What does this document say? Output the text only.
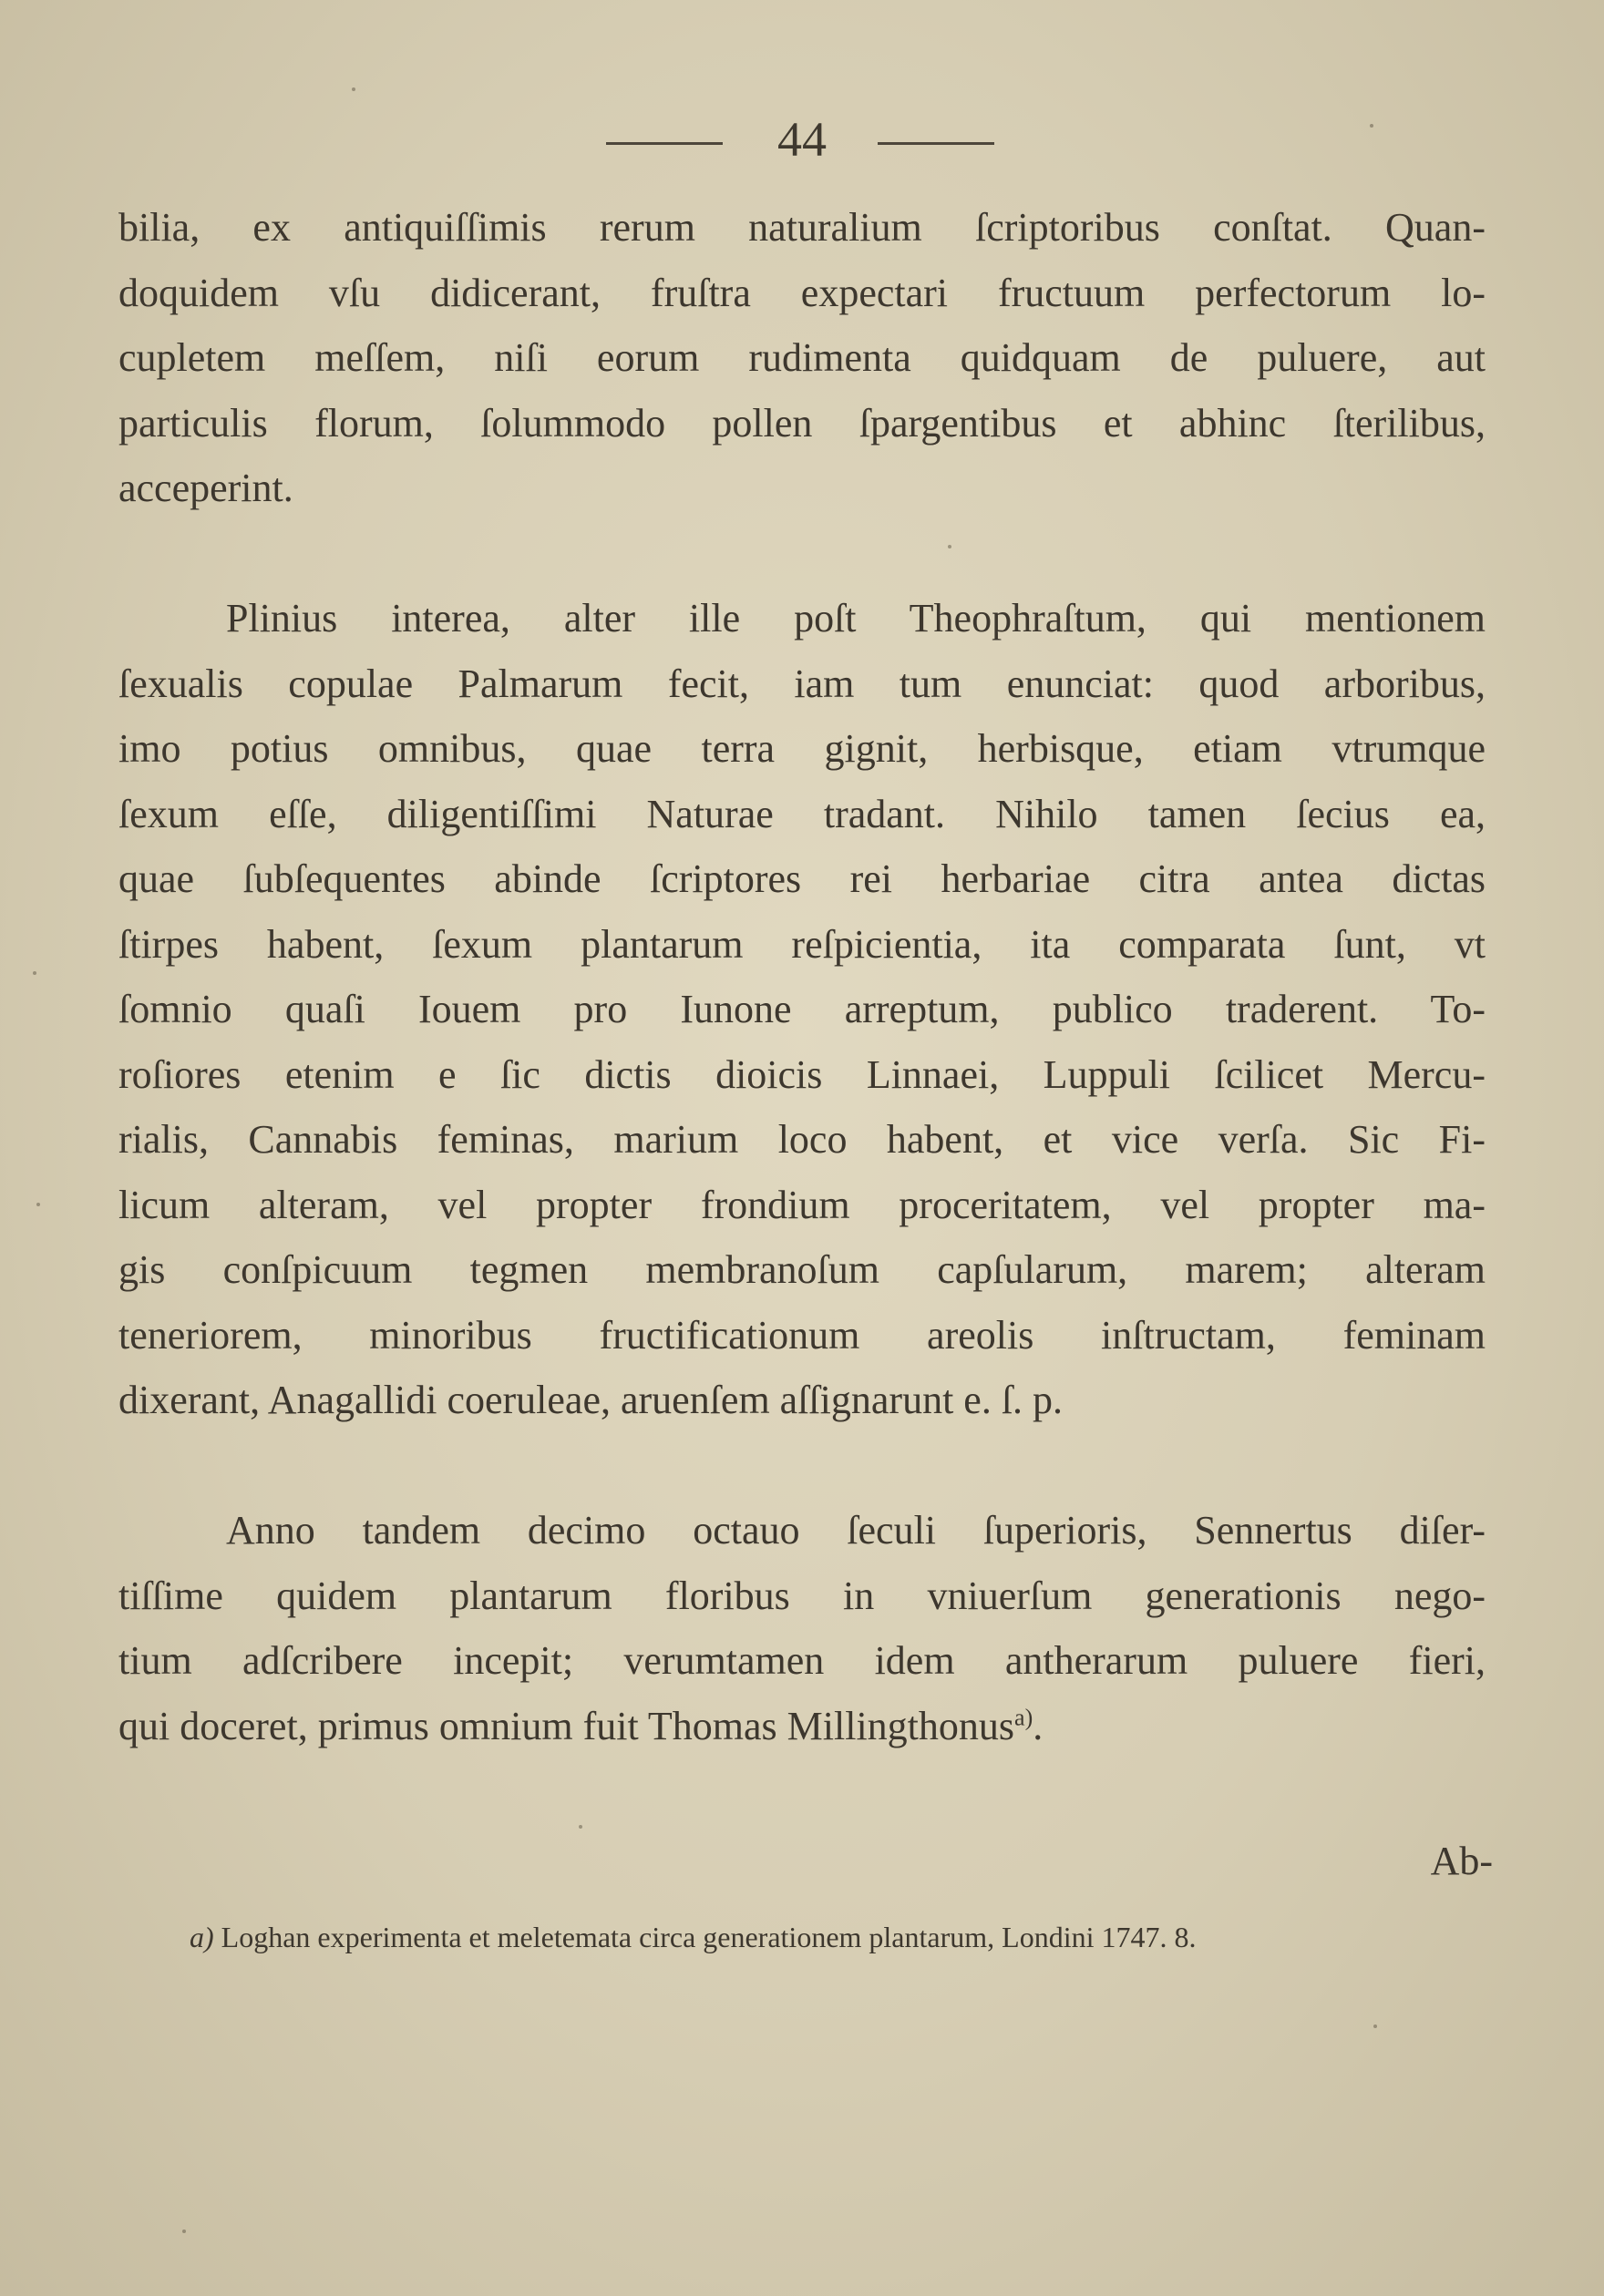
44
bilia, ex antiquiſſimis rerum naturalium ſcriptoribus conſtat. Quan-
doquidem vſu didicerant, fruſtra expectari fructuum perfectorum lo-
cupletem meſſem, niſi eorum rudimenta quidquam de puluere, aut
particulis florum, ſolummodo pollen ſpargentibus et abhinc ſterilibus,
acceperint.
Plinius interea, alter ille poſt Theophraſtum, qui mentionem
ſexualis copulae Palmarum fecit, iam tum enunciat: quod arboribus,
imo potius omnibus, quae terra gignit, herbisque, etiam vtrumque
ſexum eſſe, diligentiſſimi Naturae tradant. Nihilo tamen ſecius ea,
quae ſubſequentes abinde ſcriptores rei herbariae citra antea dictas
ſtirpes habent, ſexum plantarum reſpicientia, ita comparata ſunt, vt
ſomnio quaſi Iouem pro Iunone arreptum, publico traderent. To-
roſiores etenim e ſic dictis dioicis Linnaei, Luppuli ſcilicet Mercu-
rialis, Cannabis feminas, marium loco habent, et vice verſa. Sic Fi-
licum alteram, vel propter frondium proceritatem, vel propter ma-
gis conſpicuum tegmen membranoſum capſularum, marem; alteram
teneriorem, minoribus fructificationum areolis inſtructam, feminam
dixerant, Anagallidi coeruleae, aruenſem aſſignarunt e. ſ. p.
Anno tandem decimo octauo ſeculi ſuperioris, Sennertus diſer-
tiſſime quidem plantarum floribus in vniuerſum generationis nego-
tium adſcribere incepit; verumtamen idem antherarum puluere fieri,
qui doceret, primus omnium fuit Thomas Millingthonus$^{a)}$.
Ab-
a) Loghan experimenta et meletemata circa generationem plantarum, Londini 1747. 8.
